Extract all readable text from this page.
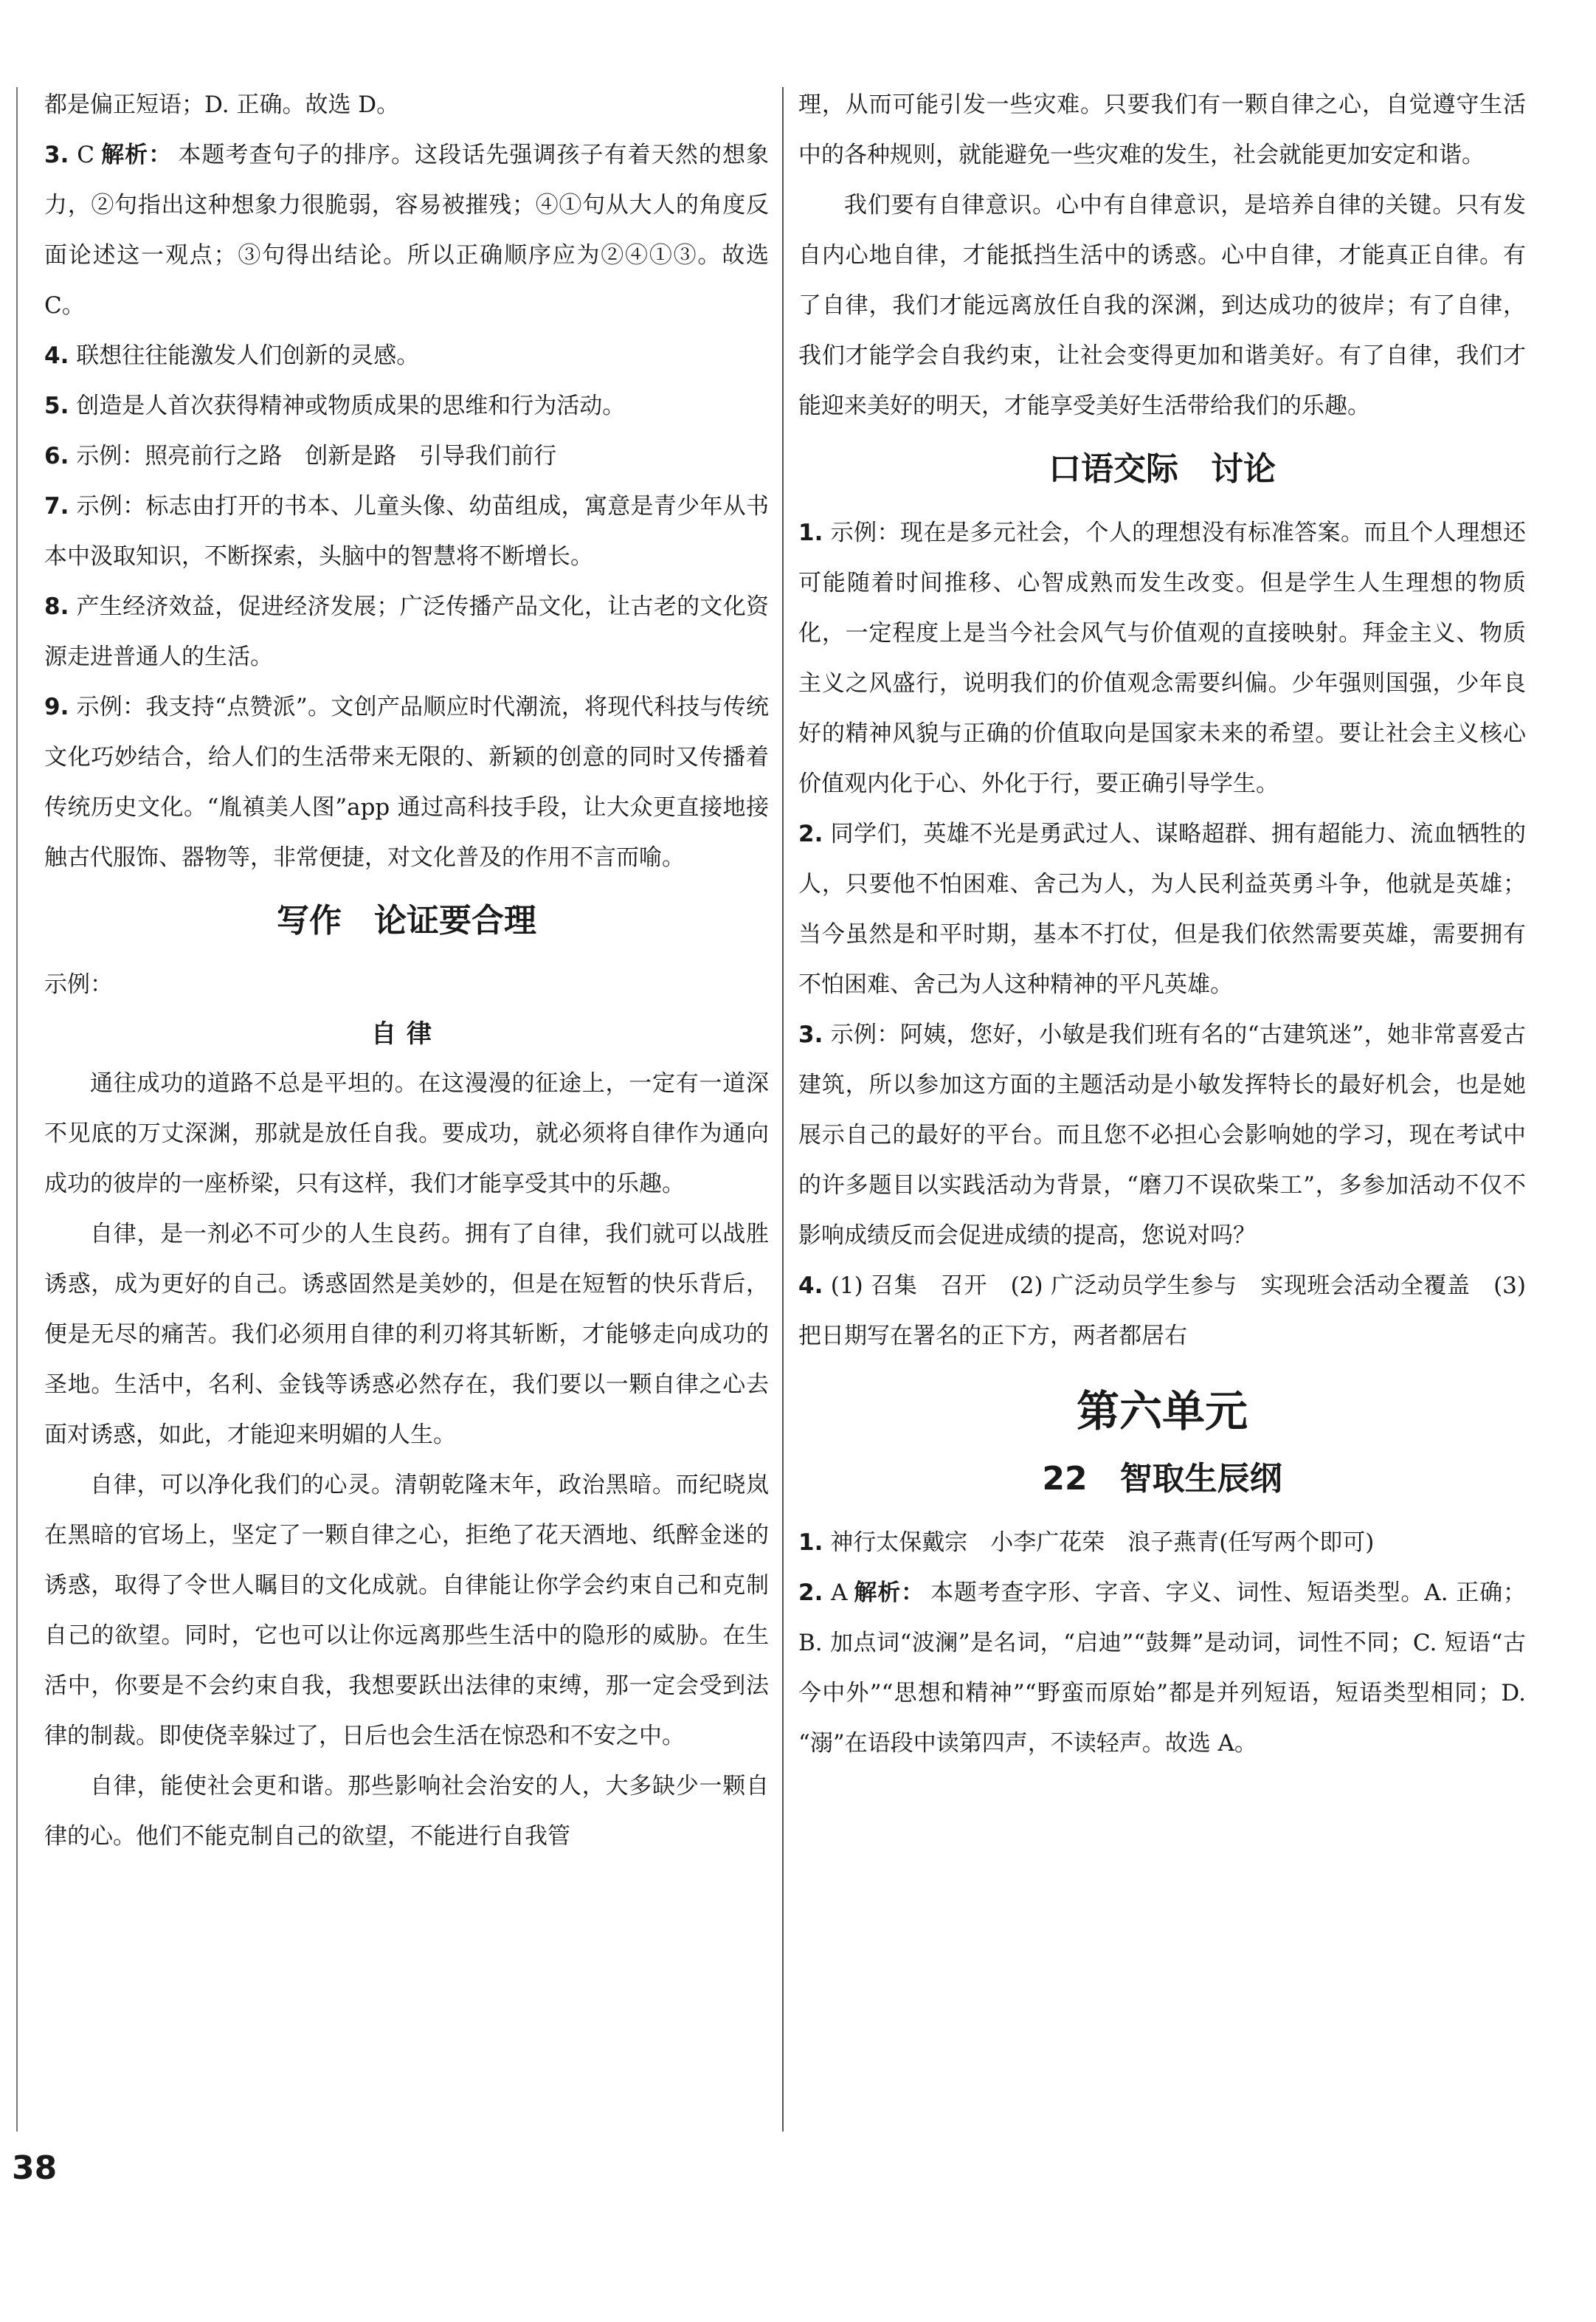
都是偏正短语；D. 正确。故选 D。

3. C 解析： 本题考查句子的排序。这段话先强调孩子有着天然的想象力，②句指出这种想象力很脆弱，容易被摧残；④①句从大人的角度反面论述这一观点；③句得出结论。所以正确顺序应为②④①③。故选 C。

4. 联想往往能激发人们创新的灵感。

5. 创造是人首次获得精神或物质成果的思维和行为活动。

6. 示例：照亮前行之路　创新是路　引导我们前行

7. 示例：标志由打开的书本、儿童头像、幼苗组成，寓意是青少年从书本中汲取知识，不断探索，头脑中的智慧将不断增长。

8. 产生经济效益，促进经济发展；广泛传播产品文化，让古老的文化资源走进普通人的生活。

9. 示例：我支持“点赞派”。文创产品顺应时代潮流，将现代科技与传统文化巧妙结合，给人们的生活带来无限的、新颖的创意的同时又传播着传统历史文化。“胤禛美人图”app 通过高科技手段，让大众更直接地接触古代服饰、器物等，非常便捷，对文化普及的作用不言而喻。

写作　论证要合理

示例：

自律

通往成功的道路不总是平坦的。在这漫漫的征途上，一定有一道深不见底的万丈深渊，那就是放任自我。要成功，就必须将自律作为通向成功的彼岸的一座桥梁，只有这样，我们才能享受其中的乐趣。

自律，是一剂必不可少的人生良药。拥有了自律，我们就可以战胜诱惑，成为更好的自己。诱惑固然是美妙的，但是在短暂的快乐背后，便是无尽的痛苦。我们必须用自律的利刃将其斩断，才能够走向成功的圣地。生活中，名利、金钱等诱惑必然存在，我们要以一颗自律之心去面对诱惑，如此，才能迎来明媚的人生。

自律，可以净化我们的心灵。清朝乾隆末年，政治黑暗。而纪晓岚在黑暗的官场上，坚定了一颗自律之心，拒绝了花天酒地、纸醉金迷的诱惑，取得了令世人瞩目的文化成就。自律能让你学会约束自己和克制自己的欲望。同时，它也可以让你远离那些生活中的隐形的威胁。在生活中，你要是不会约束自我，我想要跃出法律的束缚，那一定会受到法律的制裁。即使侥幸躲过了，日后也会生活在惊恐和不安之中。

自律，能使社会更和谐。那些影响社会治安的人，大多缺少一颗自律的心。他们不能克制自己的欲望，不能进行自我管

理，从而可能引发一些灾难。只要我们有一颗自律之心，自觉遵守生活中的各种规则，就能避免一些灾难的发生，社会就能更加安定和谐。

我们要有自律意识。心中有自律意识，是培养自律的关键。只有发自内心地自律，才能抵挡生活中的诱惑。心中自律，才能真正自律。有了自律，我们才能远离放任自我的深渊，到达成功的彼岸；有了自律，我们才能学会自我约束，让社会变得更加和谐美好。有了自律，我们才能迎来美好的明天，才能享受美好生活带给我们的乐趣。

口语交际　讨论

1. 示例：现在是多元社会，个人的理想没有标准答案。而且个人理想还可能随着时间推移、心智成熟而发生改变。但是学生人生理想的物质化，一定程度上是当今社会风气与价值观的直接映射。拜金主义、物质主义之风盛行，说明我们的价值观念需要纠偏。少年强则国强，少年良好的精神风貌与正确的价值取向是国家未来的希望。要让社会主义核心价值观内化于心、外化于行，要正确引导学生。

2. 同学们，英雄不光是勇武过人、谋略超群、拥有超能力、流血牺牲的人，只要他不怕困难、舍己为人，为人民利益英勇斗争，他就是英雄；当今虽然是和平时期，基本不打仗，但是我们依然需要英雄，需要拥有不怕困难、舍己为人这种精神的平凡英雄。

3. 示例：阿姨，您好，小敏是我们班有名的“古建筑迷”，她非常喜爱古建筑，所以参加这方面的主题活动是小敏发挥特长的最好机会，也是她展示自己的最好的平台。而且您不必担心会影响她的学习，现在考试中的许多题目以实践活动为背景，“磨刀不误砍柴工”，多参加活动不仅不影响成绩反而会促进成绩的提高，您说对吗？

4. (1) 召集　召开　(2) 广泛动员学生参与　实现班会活动全覆盖　(3) 把日期写在署名的正下方，两者都居右

第六单元
22　智取生辰纲

1. 神行太保戴宗　小李广花荣　浪子燕青(任写两个即可)

2. A 解析： 本题考查字形、字音、字义、词性、短语类型。A. 正确；B. 加点词“波澜”是名词，“启迪”“鼓舞”是动词，词性不同；C. 短语“古今中外”“思想和精神”“野蛮而原始”都是并列短语，短语类型相同；D. “溺”在语段中读第四声，不读轻声。故选 A。

38
